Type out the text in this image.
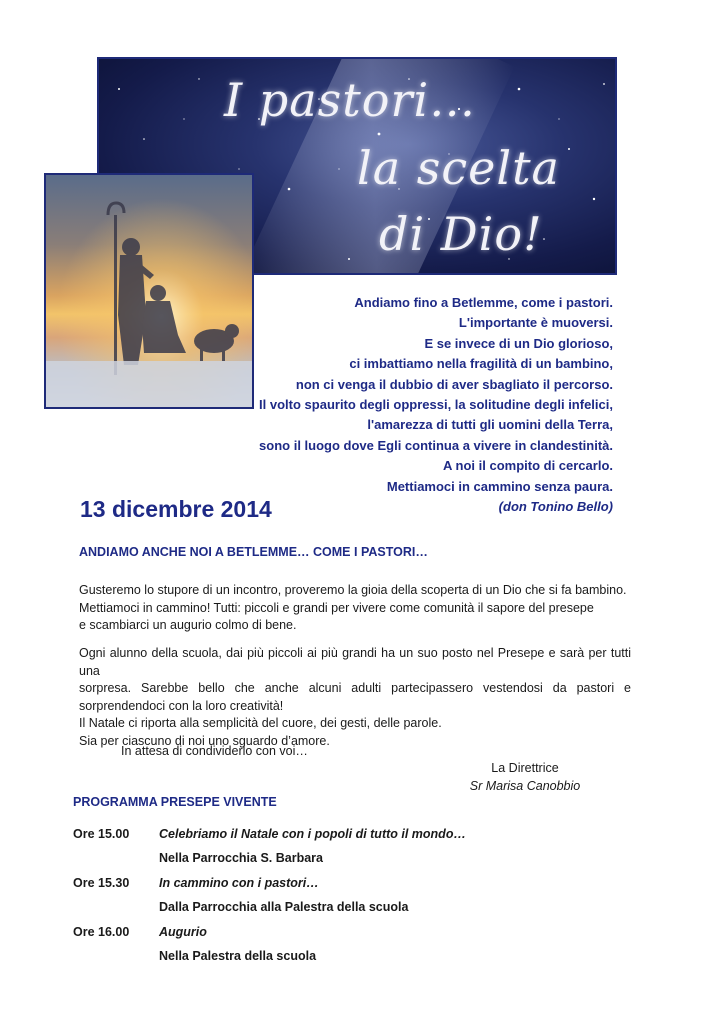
I pastori…
la scelta
di Dio!
Andiamo fino a Betlemme, come i pastori.
L'importante è muoversi.
E se invece di un Dio glorioso,
ci imbattiamo nella fragilità di un bambino,
non ci venga il dubbio di aver sbagliato il percorso.
Il volto spaurito degli oppressi, la solitudine degli infelici,
l'amarezza di tutti gli uomini della Terra,
sono il luogo dove Egli continua a vivere in clandestinità.
A noi il compito di cercarlo.
Mettiamoci in cammino senza paura.
(don Tonino Bello)
13 dicembre 2014
ANDIAMO ANCHE NOI A BETLEMME… COME I PASTORI…
Gusteremo lo stupore di un incontro, proveremo la gioia della scoperta di un Dio che si fa bambino.
Mettiamoci in cammino! Tutti: piccoli e grandi per vivere come comunità il sapore del presepe
e scambiarci un augurio colmo di bene.
Ogni alunno della scuola, dai più piccoli ai più grandi ha un suo posto nel Presepe e sarà per tutti una
sorpresa. Sarebbe bello che anche alcuni adulti partecipassero vestendosi da pastori e
sorprendendoci con la loro creatività!
Il Natale ci riporta alla semplicità del cuore, dei gesti, delle parole.
Sia per ciascuno di noi uno sguardo d’amore.
In attesa di condividerlo con voi…
La Direttrice
Sr Marisa Canobbio
PROGRAMMA PRESEPE VIVENTE
Ore 15.00 Celebriamo il Natale con i popoli di tutto il mondo…
Nella Parrocchia S. Barbara
Ore 15.30 In cammino con i pastori…
Dalla Parrocchia alla Palestra della scuola
Ore 16.00 Augurio
Nella Palestra della scuola
